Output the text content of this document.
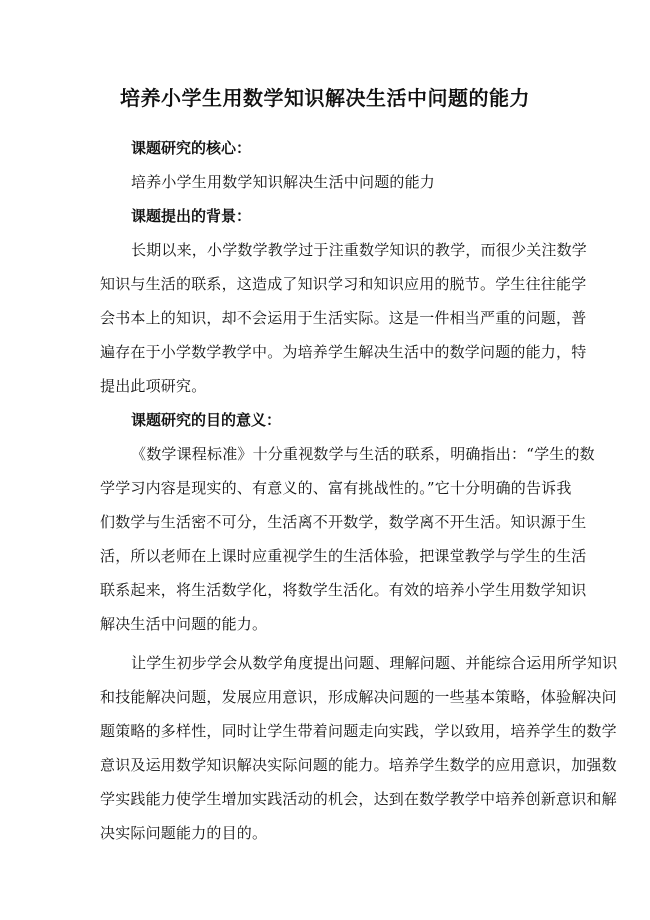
培养小学生用数学知识解决生活中问题的能力
课题研究的核心：
培养小学生用数学知识解决生活中问题的能力
课题提出的背景：
长期以来，小学数学教学过于注重数学知识的教学，而很少关注数学
知识与生活的联系，这造成了知识学习和知识应用的脱节。学生往往能学
会书本上的知识，却不会运用于生活实际。这是一件相当严重的问题，普
遍存在于小学数学教学中。为培养学生解决生活中的数学问题的能力，特
提出此项研究。
课题研究的目的意义：
《数学课程标准》十分重视数学与生活的联系，明确指出：“学生的数
学学习内容是现实的、有意义的、富有挑战性的。”它十分明确的告诉我
们数学与生活密不可分，生活离不开数学，数学离不开生活。知识源于生
活，所以老师在上课时应重视学生的生活体验，把课堂教学与学生的生活
联系起来，将生活数学化，将数学生活化。有效的培养小学生用数学知识
解决生活中问题的能力。
让学生初步学会从数学角度提出问题、理解问题、并能综合运用所学知识
和技能解决问题，发展应用意识，形成解决问题的一些基本策略，体验解决问
题策略的多样性，同时让学生带着问题走向实践，学以致用，培养学生的数学
意识及运用数学知识解决实际问题的能力。培养学生数学的应用意识，加强数
学实践能力使学生增加实践活动的机会，达到在数学教学中培养创新意识和解
决实际问题能力的目的。
